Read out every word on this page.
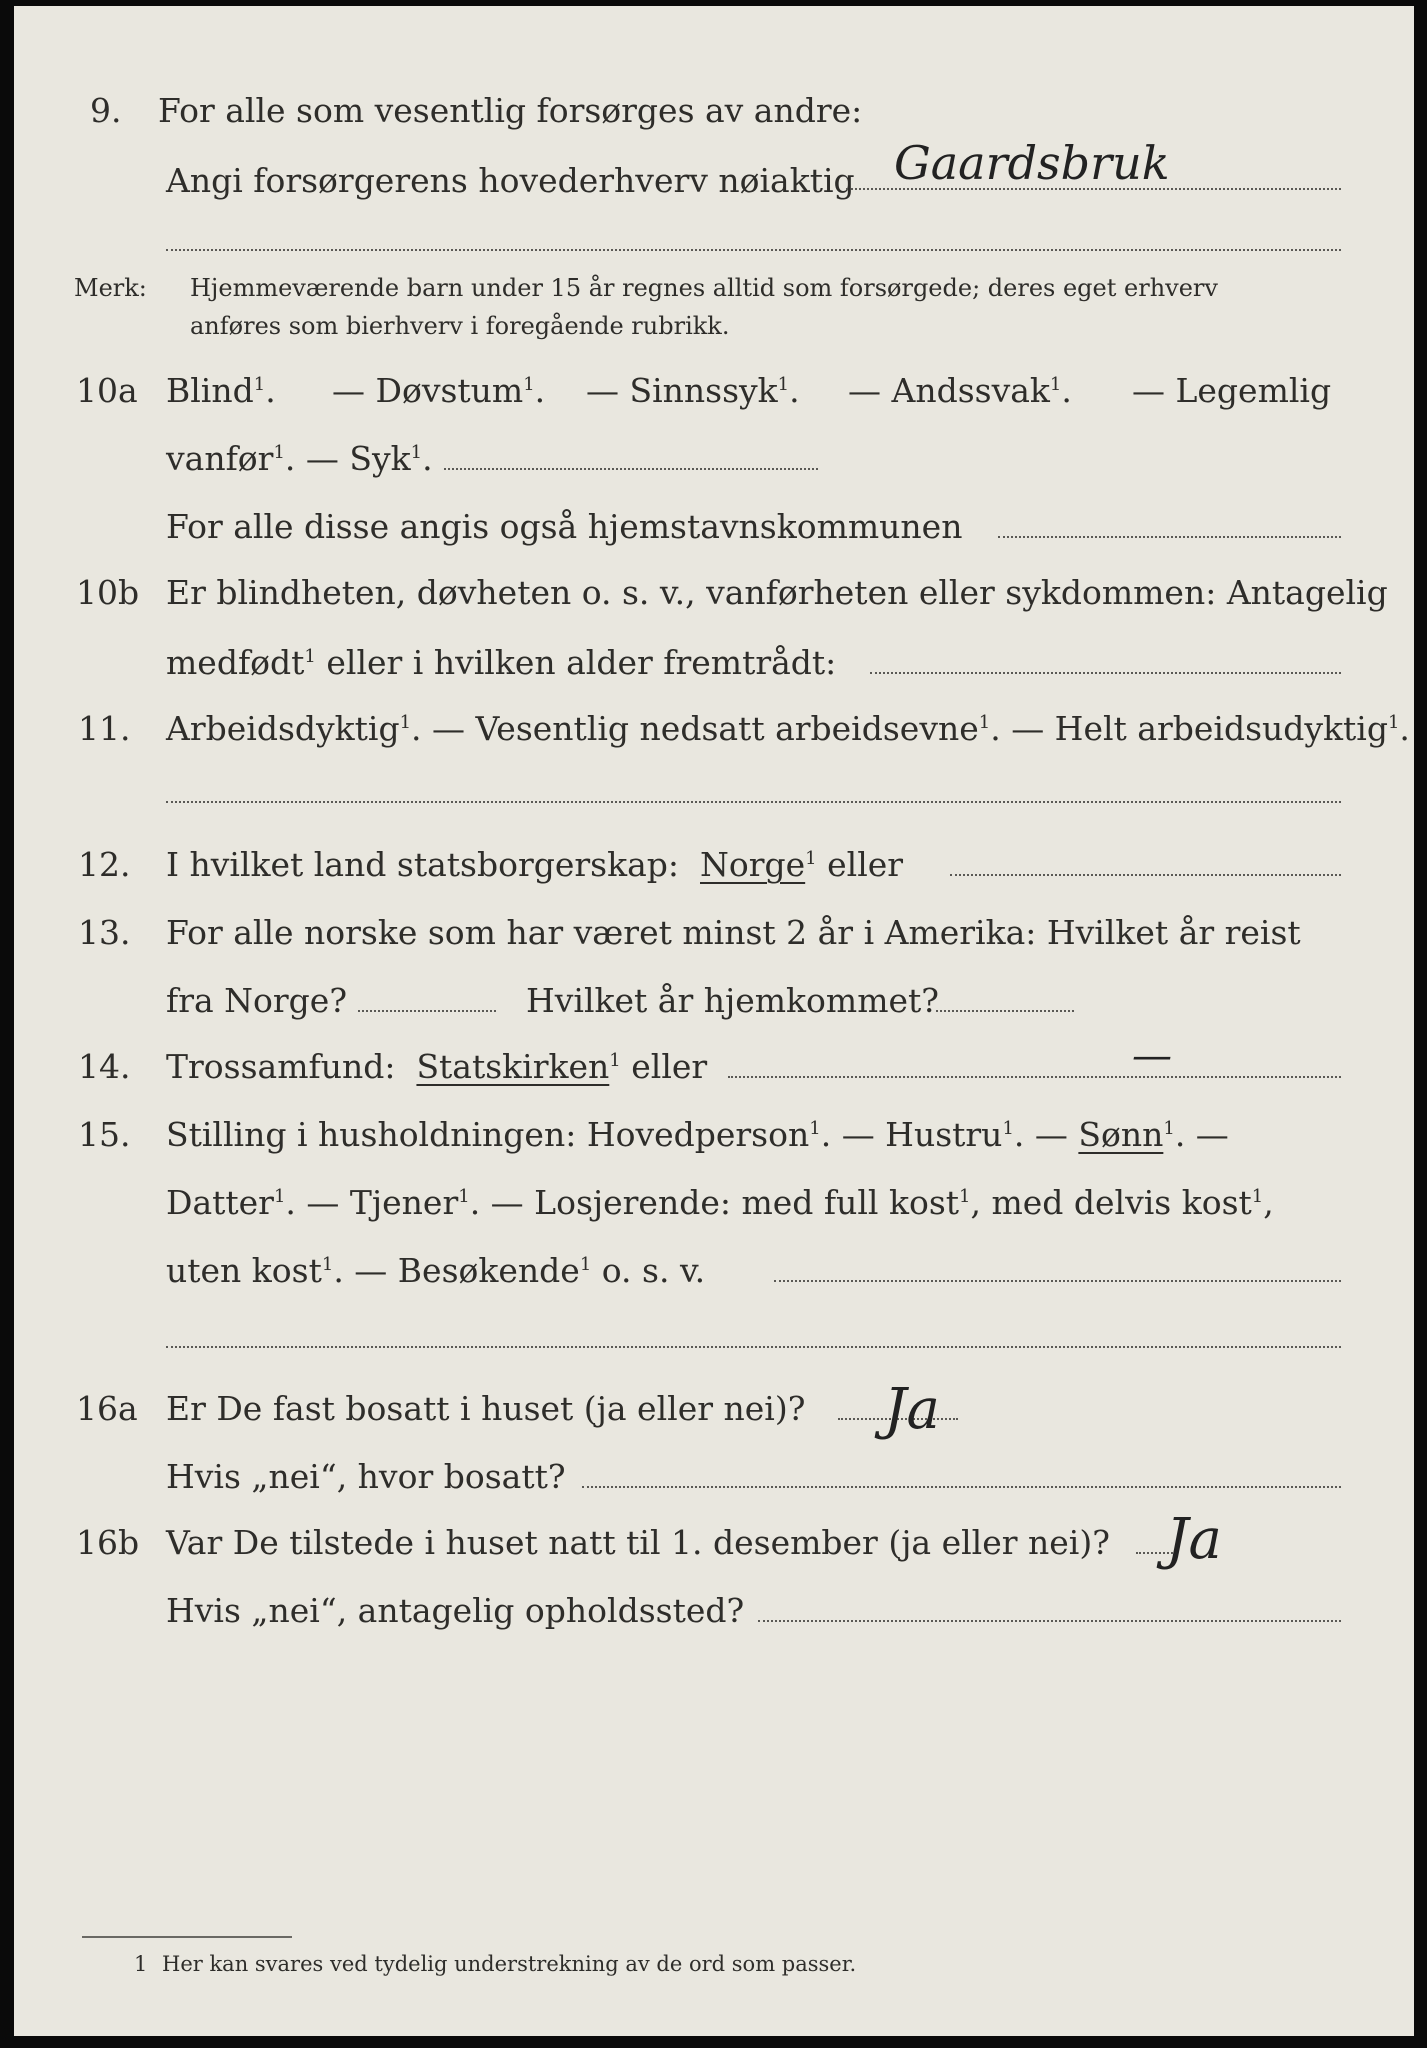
9. For alle som vesentlig forsørges av andre:
Angi forsørgerens hovederhverv nøiaktig Gaardsbruk
Merk: Hjemmeværende barn under 15 år regnes alltid som forsørgede; deres eget erhverv
anføres som bierhverv i foregående rubrikk.
10a Blind$^1$. — Døvstum$^1$. — Sinnssyk$^1$. — Andssvak$^1$. — Legemlig
vanfør$^1$. — Syk$^1$.
For alle disse angis også hjemstavnskommunen
10b Er blindheten, døvheten o. s. v., vanførheten eller sykdommen: Antagelig
medfødt$^1$ eller i hvilken alder fremtrådt:
11. Arbeidsdyktig$^1$. — Vesentlig nedsatt arbeidsevne$^1$. — Helt arbeidsudyktig$^1$.
12. I hvilket land statsborgerskap: Norge$^1$ eller
13. For alle norske som har været minst 2 år i Amerika: Hvilket år reist
fra Norge?	Hvilket år hjemkommet?
14. Trossamfund: Statskirken$^1$ eller	—
15. Stilling i husholdningen: Hovedperson$^1$. — Hustru$^1$. — Sønn$^1$. —
Datter$^1$. — Tjener$^1$. — Losjerende: med full kost$^1$, med delvis kost$^1$,
uten kost$^1$. — Besøkende$^1$ o. s. v.
16a Er De fast bosatt i huset (ja eller nei)? Ja
Hvis „nei“, hvor bosatt?
16b Var De tilstede i huset natt til 1. desember (ja eller nei)? Ja
Hvis „nei“, antagelig opholdssted?
1 Her kan svares ved tydelig understrekning av de ord som passer.
